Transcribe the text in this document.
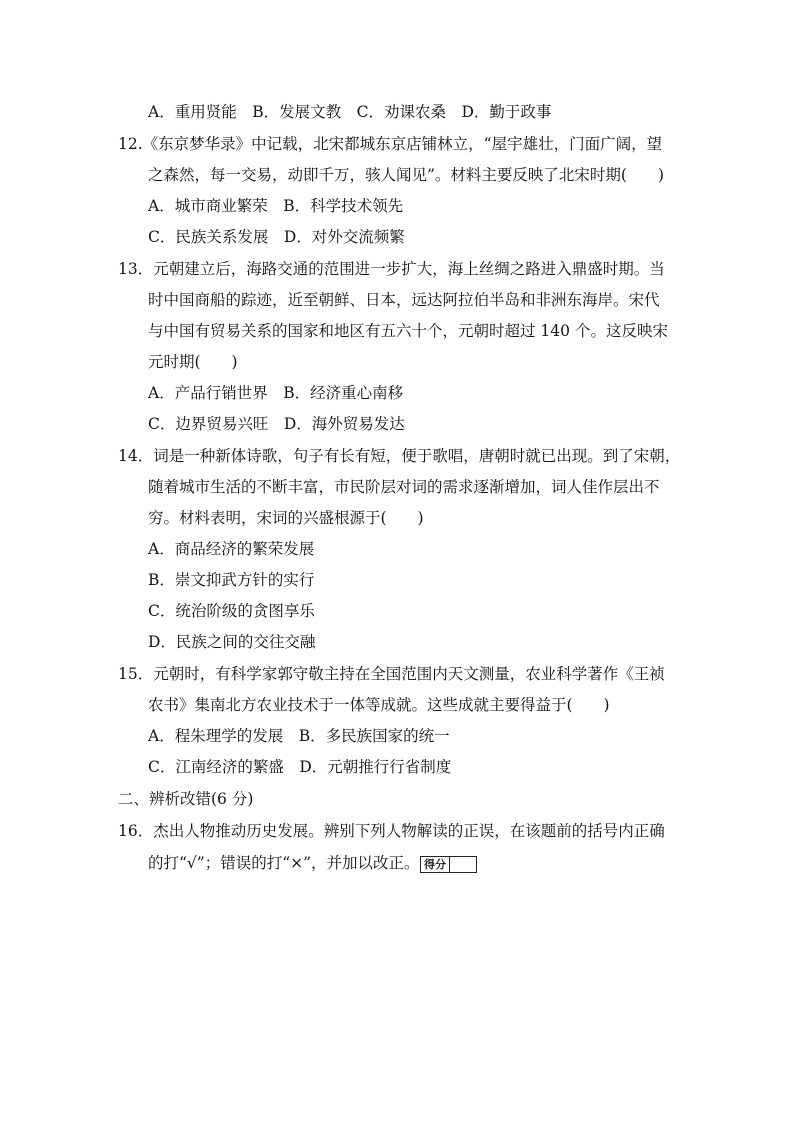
A．重用贤能　B．发展文教　C．劝课农桑　D．勤于政事
12.《东京梦华录》中记载，北宋都城东京店铺林立，“屋宇雄壮，门面广阔，望
之森然，每一交易，动即千万，骇人闻见”。材料主要反映了北宋时期(　　)
A．城市商业繁荣　B．科学技术领先
C．民族关系发展　D．对外交流频繁
13．元朝建立后，海路交通的范围进一步扩大，海上丝绸之路进入鼎盛时期。当
时中国商船的踪迹，近至朝鲜、日本，远达阿拉伯半岛和非洲东海岸。宋代
与中国有贸易关系的国家和地区有五六十个，元朝时超过 140 个。这反映宋
元时期(　　)
A．产品行销世界　B．经济重心南移
C．边界贸易兴旺　D．海外贸易发达
14．词是一种新体诗歌，句子有长有短，便于歌唱，唐朝时就已出现。到了宋朝，
随着城市生活的不断丰富，市民阶层对词的需求逐渐增加，词人佳作层出不
穷。材料表明，宋词的兴盛根源于(　　)
A．商品经济的繁荣发展
B．崇文抑武方针的实行
C．统治阶级的贪图享乐
D．民族之间的交往交融
15．元朝时，有科学家郭守敬主持在全国范围内天文测量，农业科学著作《王祯
农书》集南北方农业技术于一体等成就。这些成就主要得益于(　　)
A．程朱理学的发展　B．多民族国家的统一
C．江南经济的繁盛　D．元朝推行行省制度
二、辨析改错(6 分)
16．杰出人物推动历史发展。辨别下列人物解读的正误，在该题前的括号内正确
的打“√”；错误的打“×”，并加以改正。 得分
